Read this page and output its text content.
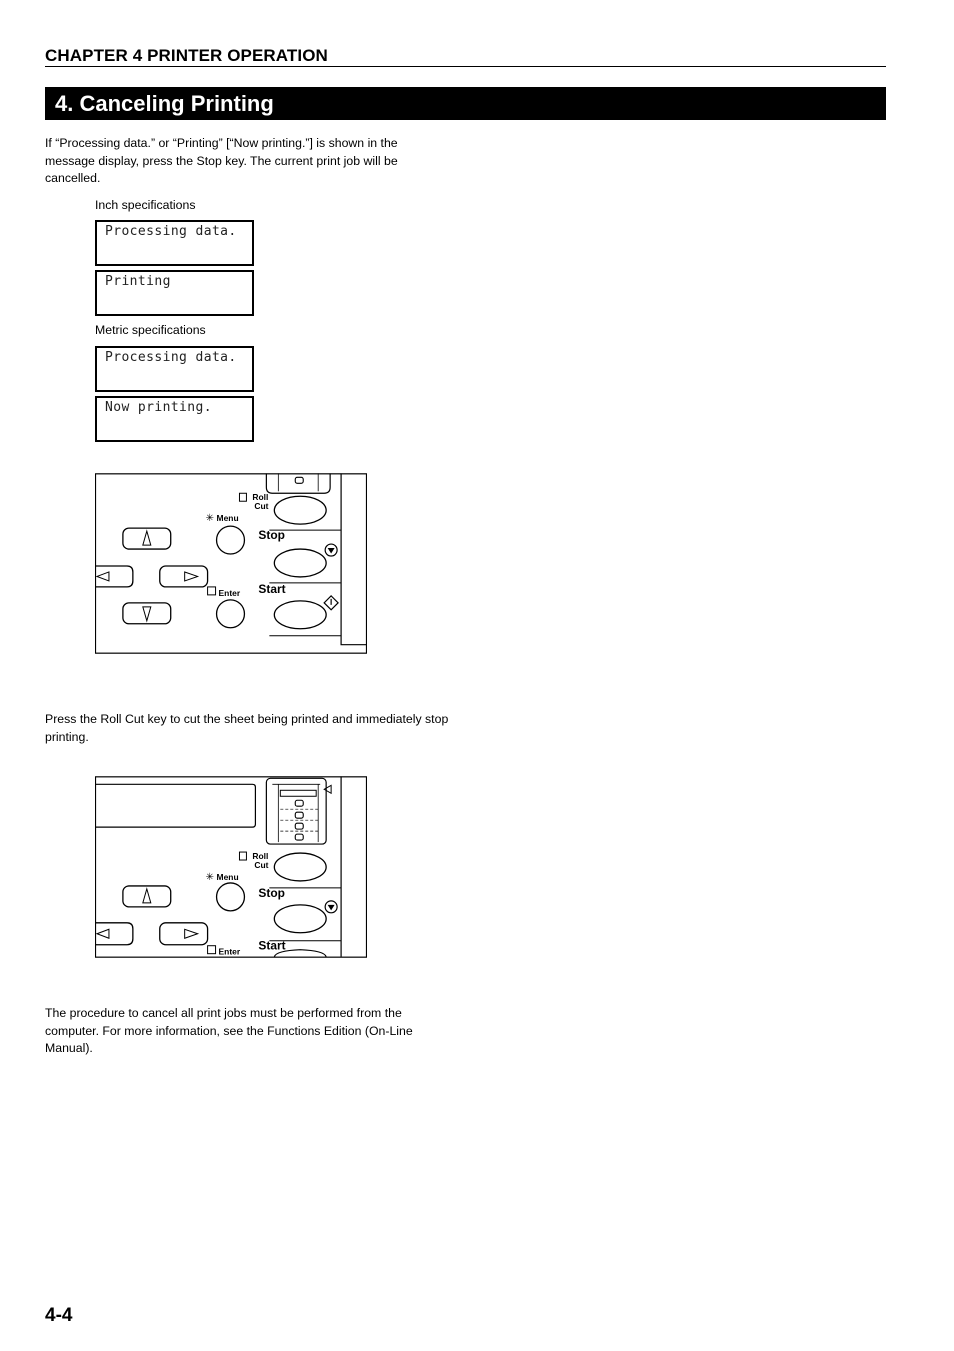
CHAPTER 4 PRINTER OPERATION
4. Canceling Printing
If “Processing data.” or “Printing” [“Now printing.”] is shown in the message display, press the Stop key. The current print job will be cancelled.
Inch specifications
Processing data.
Printing
Metric specifications
Processing data.
Now printing.
Roll
Cut
✳ Menu
Stop
Start
Enter
Press the Roll Cut key to cut the sheet being printed and immediately stop printing.
Roll
Cut
✳ Menu
Stop
Start
Enter
The procedure to cancel all print jobs must be performed from the computer. For more information, see the Functions Edition (On-Line Manual).
4-4
